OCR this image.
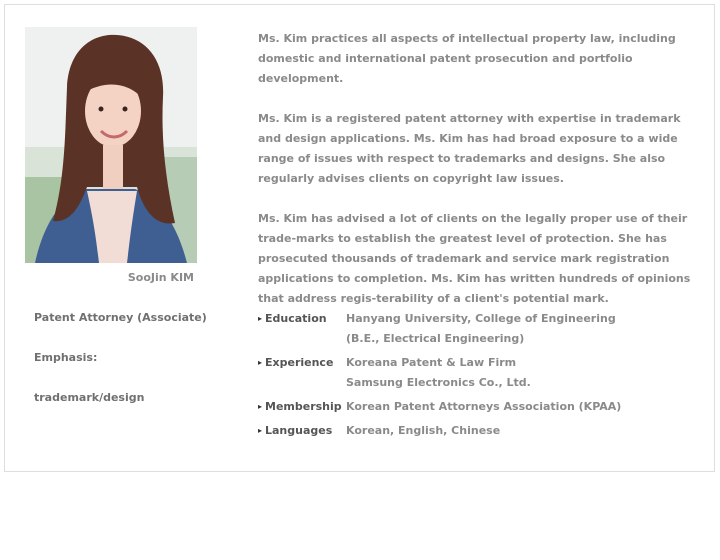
SooJin KIM
Patent Attorney (Associate)
Emphasis:
trademark/design

Ms. Kim practices all aspects of intellectual property law, including domestic and international patent prosecution and portfolio development.

Ms. Kim is a registered patent attorney with expertise in trademark and design applications. Ms. Kim has had broad exposure to a wide range of issues with respect to trademarks and designs. She also regularly advises clients on copyright law issues.

Ms. Kim has advised a lot of clients on the legally proper use of their trade-marks to establish the greatest level of protection. She has prosecuted thousands of trademark and service mark registration applications to completion. Ms. Kim has written hundreds of opinions that address regis-terability of a client's potential mark.

▸ Education	Hanyang University, College of Engineering
(B.E., Electrical Engineering)
▸ Experience	Koreana Patent & Law Firm
Samsung Electronics Co., Ltd.
▸ Membership Korean Patent Attorneys Association (KPAA)
▸ Languages	Korean, English, Chinese
